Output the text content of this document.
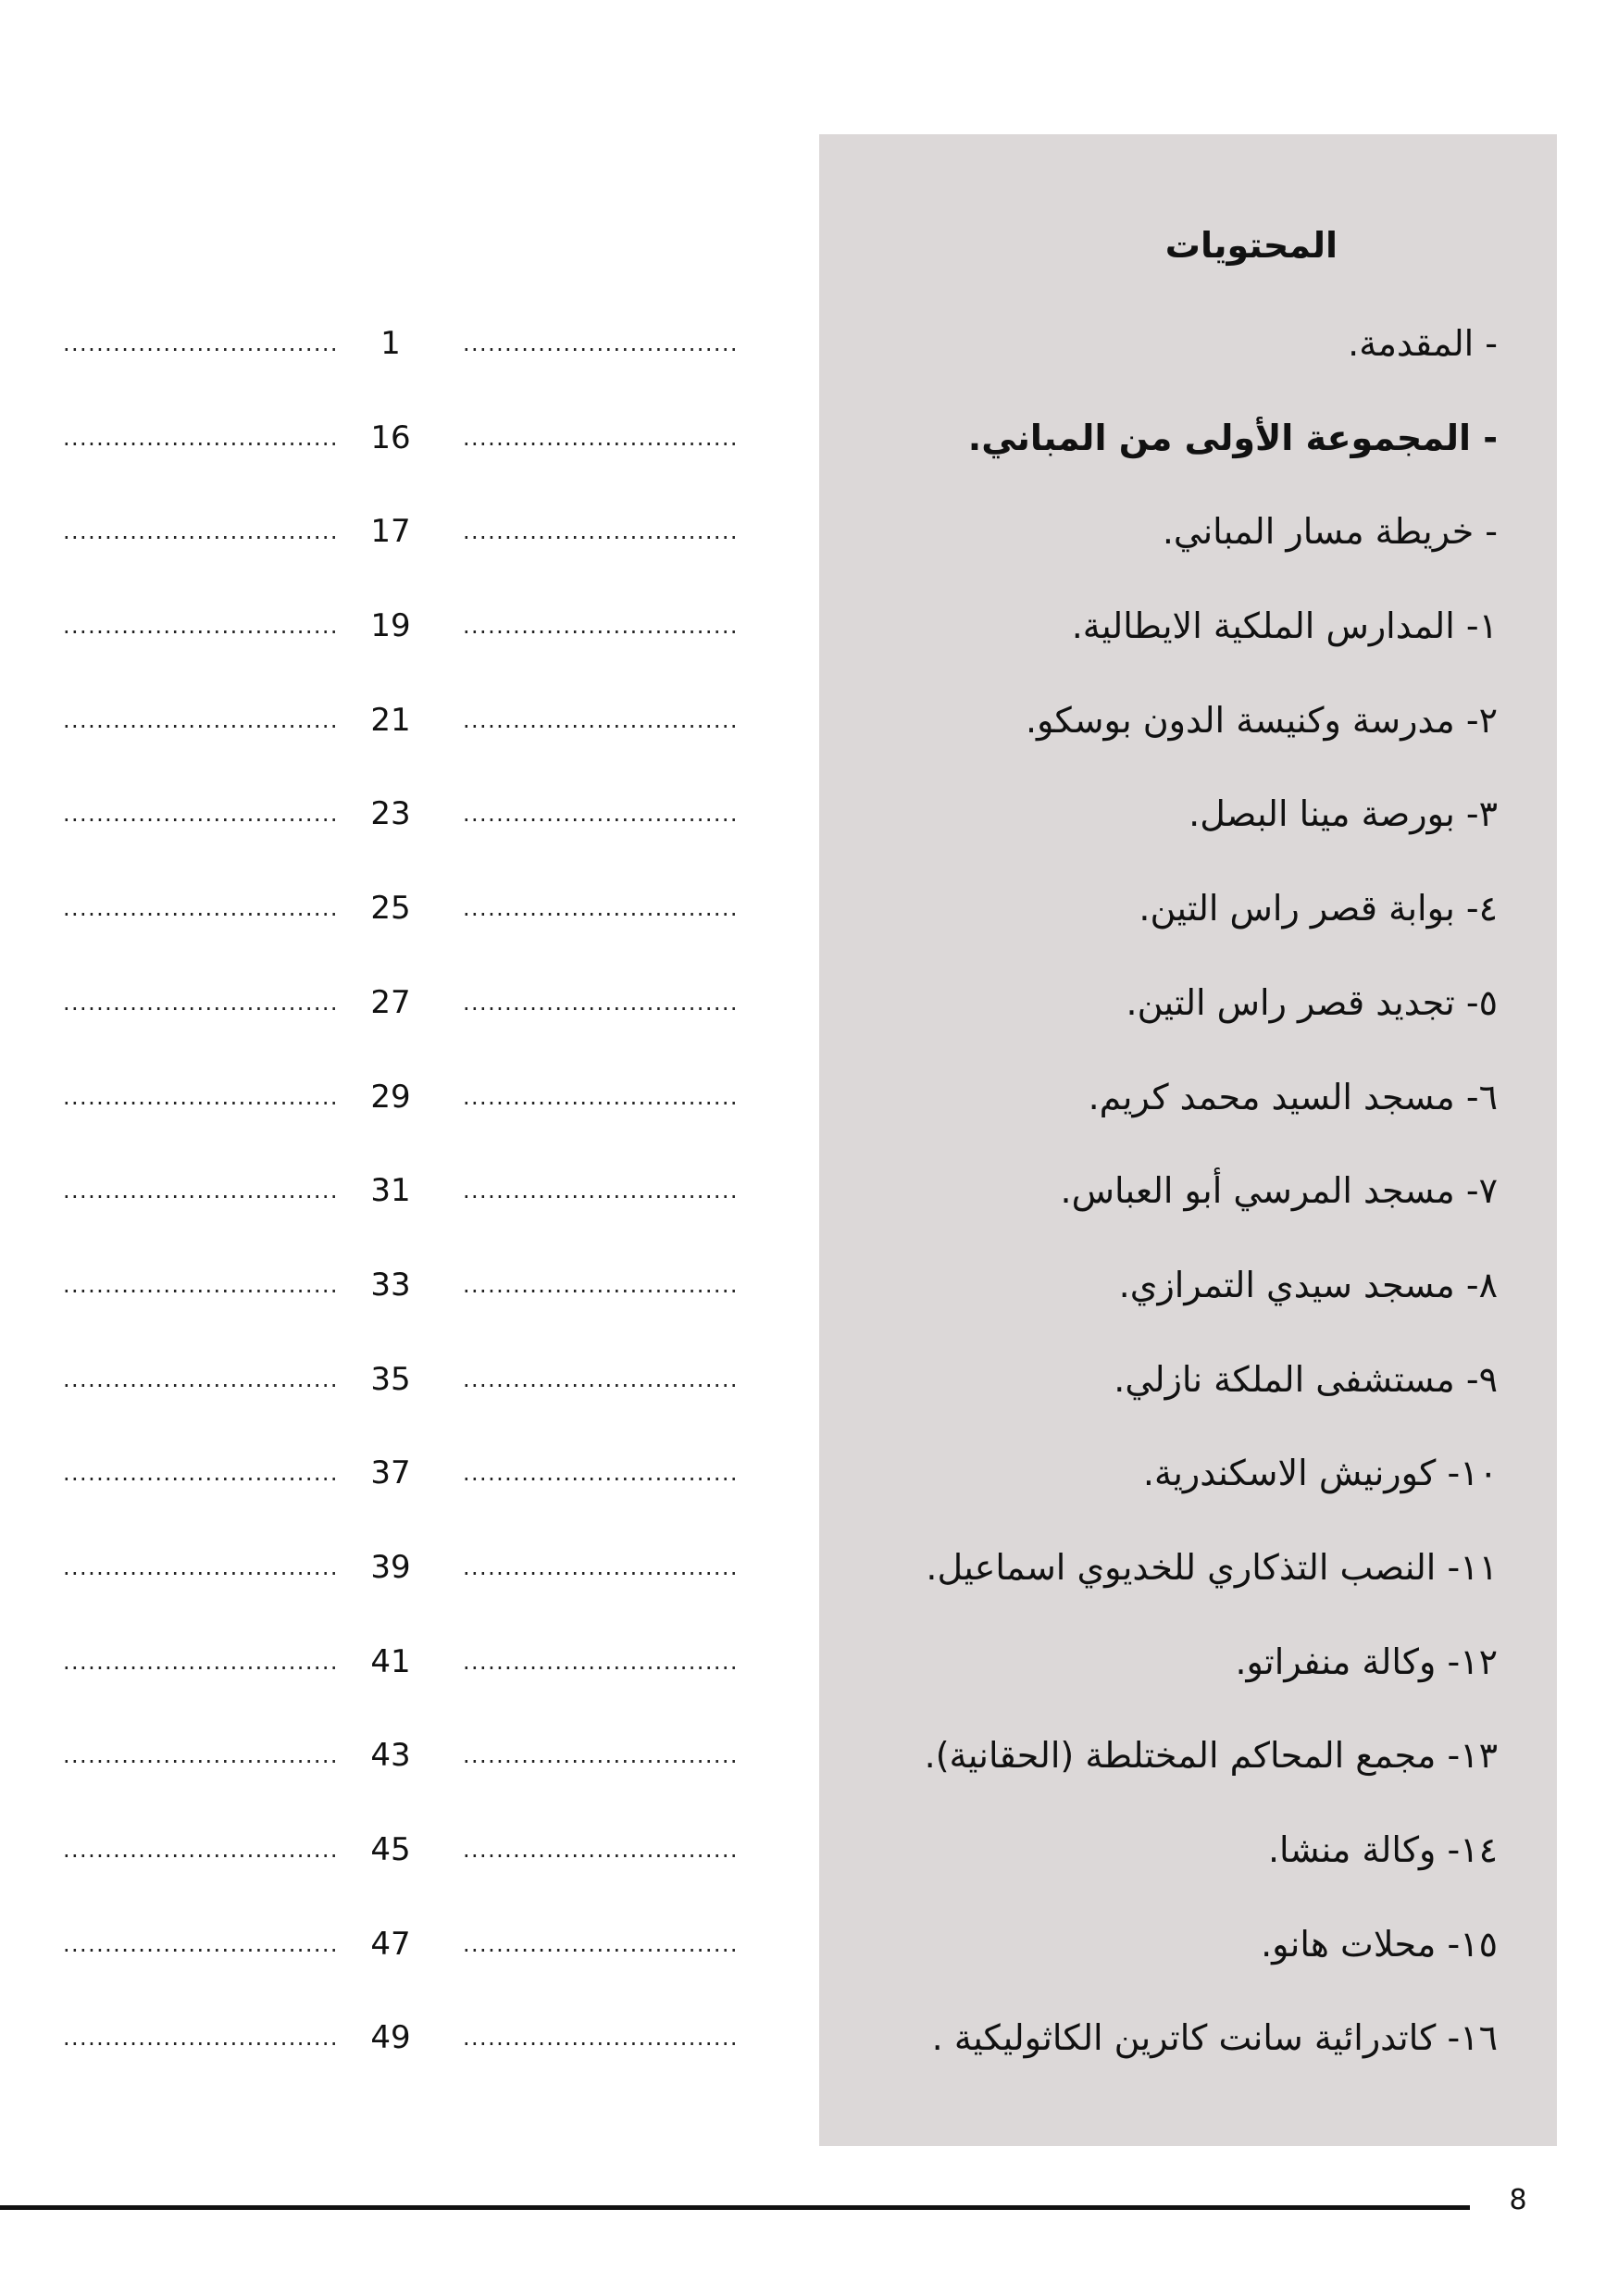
المحتويات
- المقدمة.
.................................
1
.................................
- المجموعة الأولى من المباني.
.................................
16
.................................
- خريطة مسار المباني.
.................................
17
.................................
١- المدارس الملكية الايطالية.
.................................
19
.................................
٢- مدرسة وكنيسة الدون بوسكو.
.................................
21
.................................
٣- بورصة مينا البصل.
.................................
23
.................................
٤- بوابة قصر راس التين.
.................................
25
.................................
٥- تجديد قصر راس التين.
.................................
27
.................................
٦- مسجد السيد محمد كريم.
.................................
29
.................................
٧- مسجد المرسي أبو العباس.
.................................
31
.................................
٨- مسجد سيدي التمرازي.
.................................
33
.................................
٩- مستشفى الملكة نازلي.
.................................
35
.................................
١٠- كورنيش الاسكندرية.
.................................
37
.................................
١١- النصب التذكاري للخديوي اسماعيل.
.................................
39
.................................
١٢- وكالة منفراتو.
.................................
41
.................................
١٣- مجمع المحاكم المختلطة (الحقانية).
.................................
43
.................................
١٤- وكالة منشا.
.................................
45
.................................
١٥- محلات هانو.
.................................
47
.................................
١٦- كاتدرائية سانت كاترين الكاثوليكية .
.................................
49
.................................
8
